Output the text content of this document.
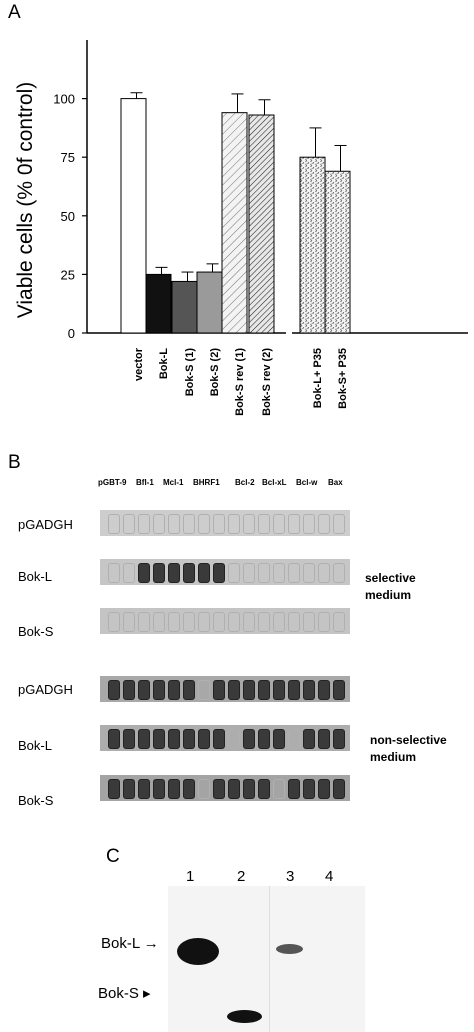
A
B
C
Viable cells (% 0f control)
0
25
50
75
100
vector Bok-L Bok-S (1) Bok-S (2) Bok-S rev (1) Bok-S rev (2)	Bok-L+ P35 Bok-S+ P35
pGBT-9 Bfl-1 Mcl-1 BHRF1 Bcl-2 Bcl-xL Bcl-w Bax
pGADGH
Bok-L
Bok-S
pGADGH
Bok-L
Bok-S
selective
medium
non-selective
medium
1	2	3 4
Bok-L →
Bok-S ▸
